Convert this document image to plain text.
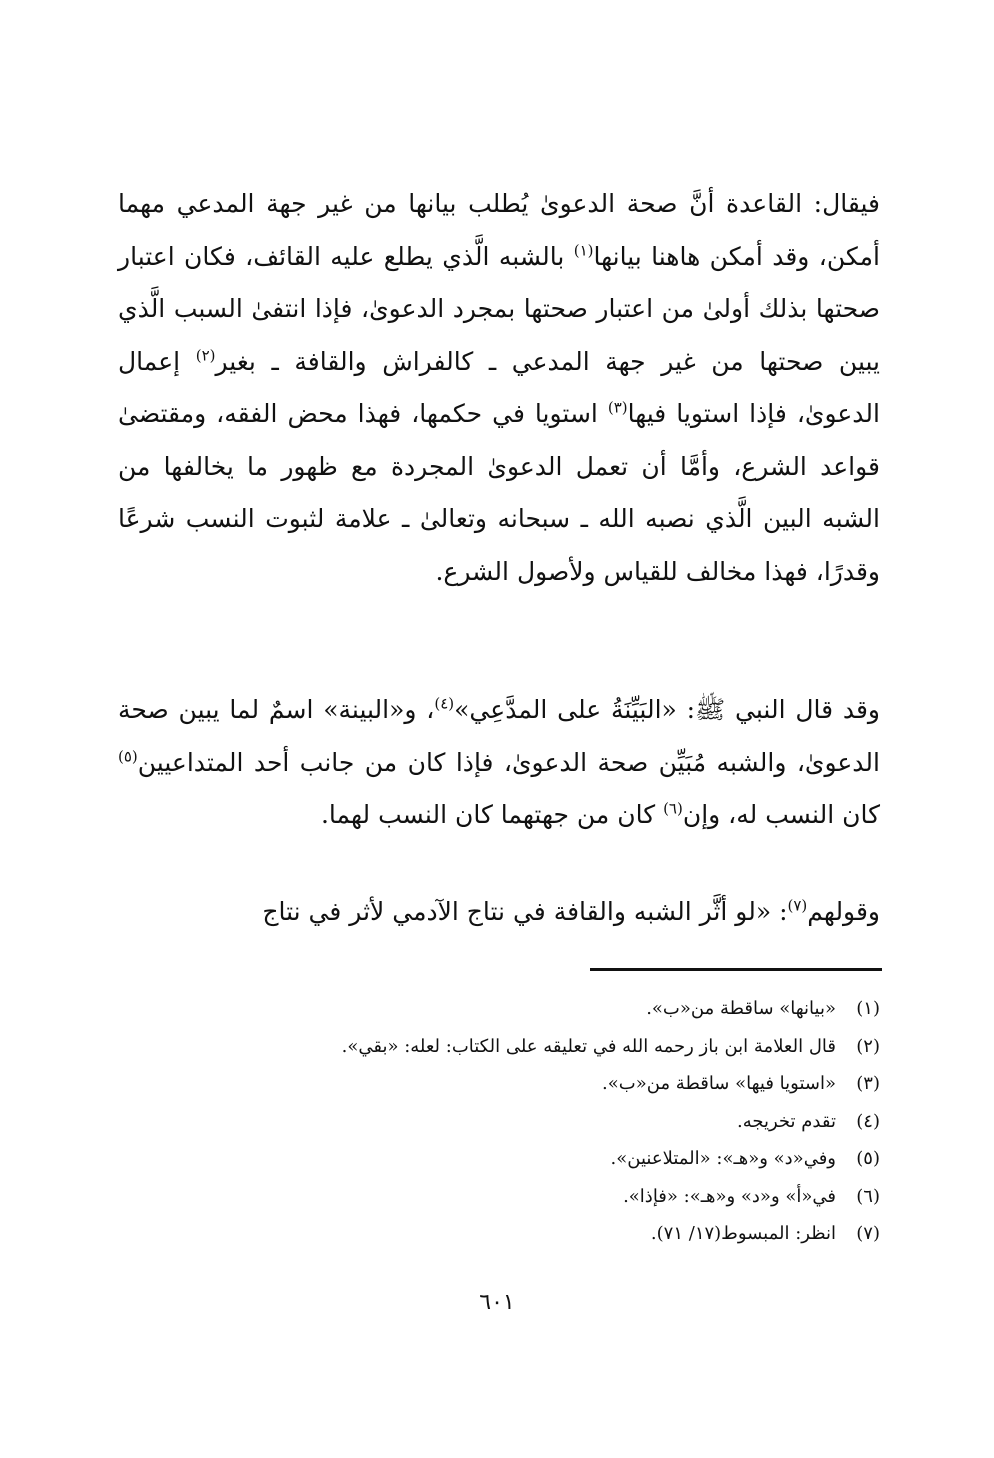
فيقال: القاعدة أنَّ صحة الدعوىٰ يُطلب بيانها من غير جهة المدعي مهما أمكن، وقد أمكن هاهنا بيانها$^{(١)}$ بالشبه الَّذي يطلع عليه القائف، فكان اعتبار صحتها بذلك أولىٰ من اعتبار صحتها بمجرد الدعوىٰ، فإذا انتفىٰ السبب الَّذي يبين صحتها من غير جهة المدعي ـ كالفراش والقافة ـ بغير$^{(٢)}$ إعمال الدعوىٰ، فإذا استويا فيها$^{(٣)}$ استويا في حكمها، فهذا محض الفقه، ومقتضىٰ قواعد الشرع، وأمَّا أن تعمل الدعوىٰ المجردة مع ظهور ما يخالفها من الشبه البين الَّذي نصبه الله ـ سبحانه وتعالىٰ ـ علامة لثبوت النسب شرعًا وقدرًا، فهذا مخالف للقياس ولأصول الشرع.

وقد قال النبي ﷺ: «البَيِّنَةُ على المدَّعِي»$^{(٤)}$، و«البينة» اسمٌ لما يبين صحة الدعوىٰ، والشبه مُبَيِّن صحة الدعوىٰ، فإذا كان من جانب أحد المتداعيين$^{(٥)}$ كان النسب له، وإن$^{(٦)}$ كان من جهتهما كان النسب لهما.

وقولهم$^{(٧)}$: «لو أثَّر الشبه والقافة في نتاج الآدمي لأثر في نتاج

(١)«بيانها» ساقطة من«ب».
(٢)قال العلامة ابن باز رحمه الله في تعليقه على الكتاب: لعله: «بقي».
(٣)«استويا فيها» ساقطة من«ب».
(٤)تقدم تخريجه.
(٥)وفي«د» و«هـ»: «المتلاعنين».
(٦)في«أ» و«د» و«هـ»: «فإذا».
(٧)انظر: المبسوط(١٧/ ٧١).
٦٠١
